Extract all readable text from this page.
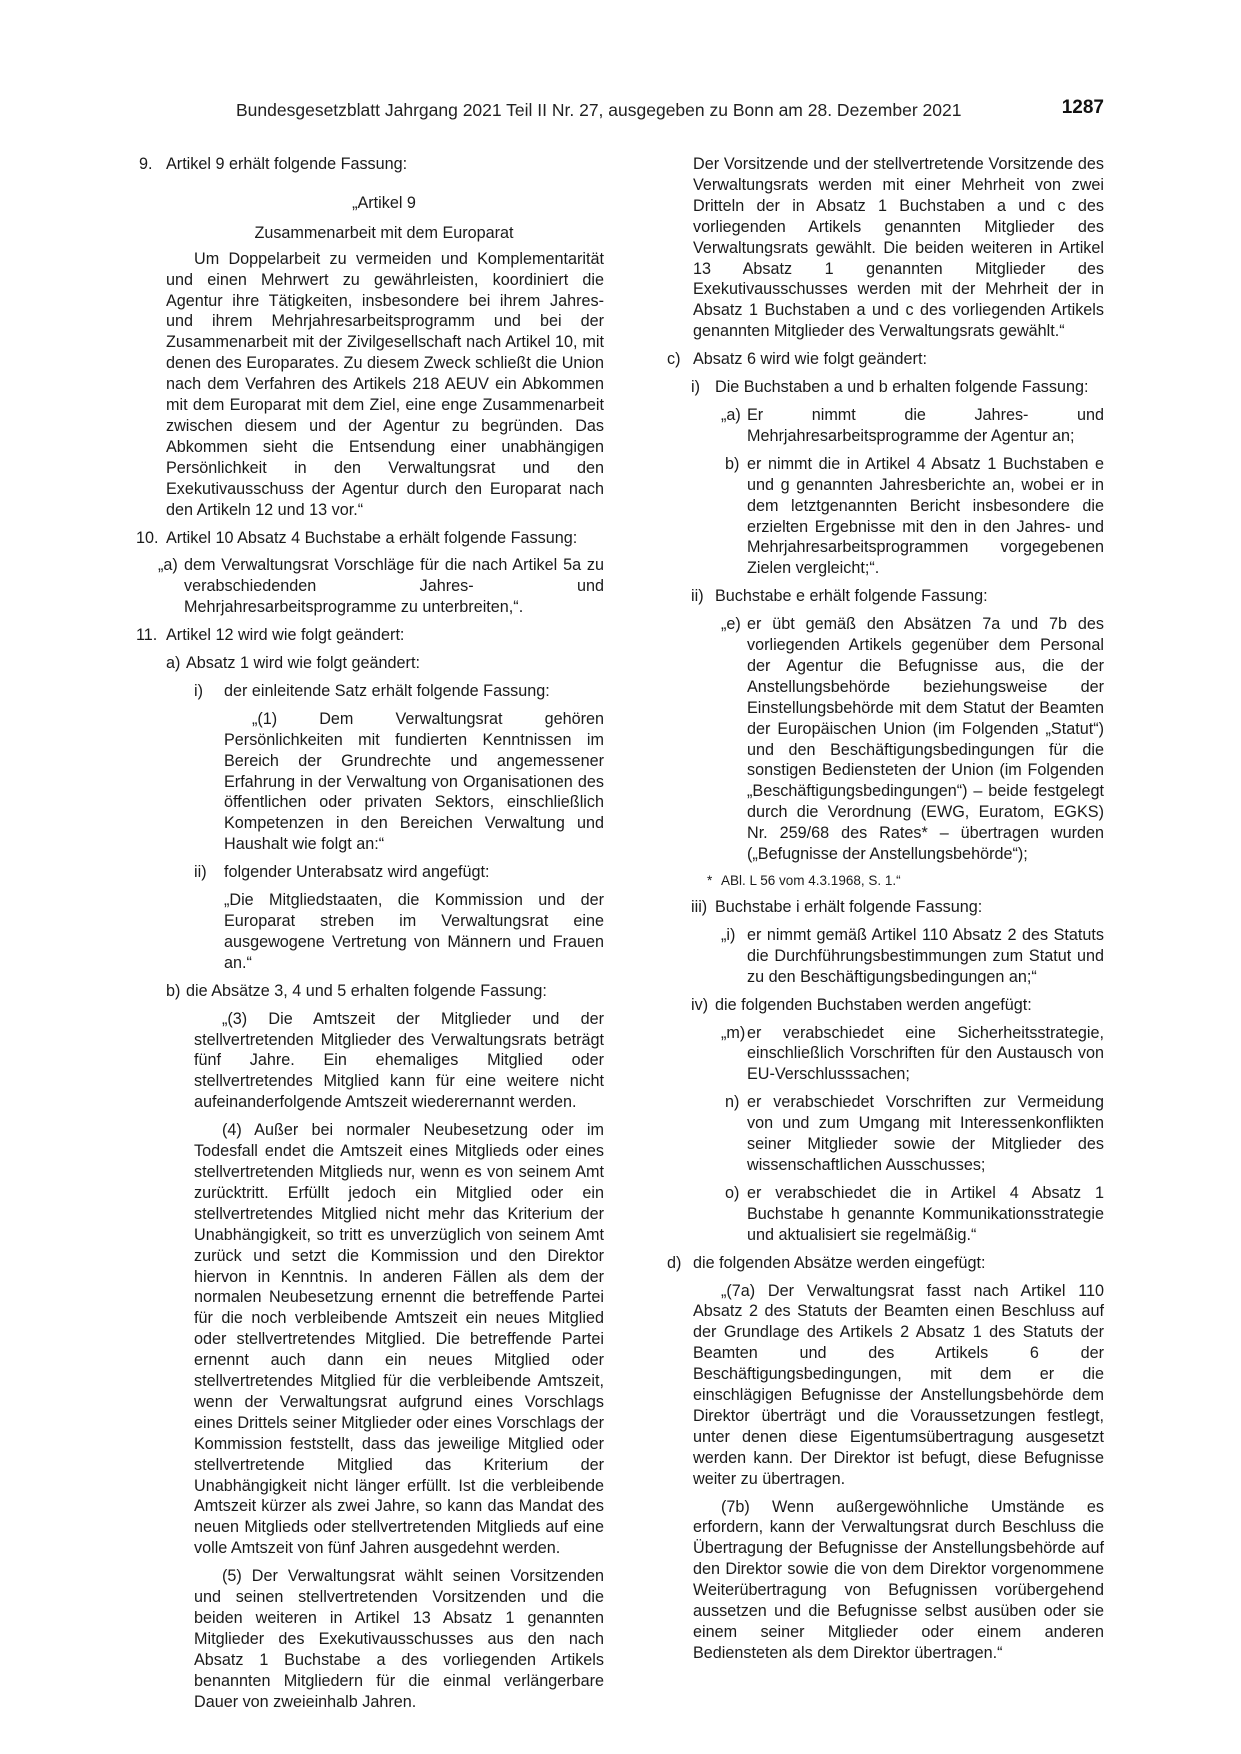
Bundesgesetzblatt Jahrgang 2021 Teil II Nr. 27, ausgegeben zu Bonn am 28. Dezember 2021	1287
9. Artikel 9 erhält folgende Fassung:

„Artikel 9

Zusammenarbeit mit dem Europarat

Um Doppelarbeit zu vermeiden und Komplementarität und einen Mehrwert zu gewährleisten, koordiniert die Agentur ihre Tätigkeiten, insbesondere bei ihrem Jahres- und ihrem Mehrjahresarbeitsprogramm und bei der Zusammenarbeit mit der Zivilgesellschaft nach Artikel 10, mit denen des Europarates. Zu diesem Zweck schließt die Union nach dem Verfahren des Artikels 218 AEUV ein Abkommen mit dem Europarat mit dem Ziel, eine enge Zusammenarbeit zwischen diesem und der Agentur zu begründen. Das Abkommen sieht die Entsendung einer unabhängigen Persönlichkeit in den Verwaltungsrat und den Exekutivausschuss der Agentur durch den Europarat nach den Artikeln 12 und 13 vor.“

10. Artikel 10 Absatz 4 Buchstabe a erhält folgende Fassung:

„a) dem Verwaltungsrat Vorschläge für die nach Artikel 5a zu verabschiedenden Jahres- und Mehrjahresarbeitsprogramme zu unterbreiten,“.

11. Artikel 12 wird wie folgt geändert:

a) Absatz 1 wird wie folgt geändert:

i) der einleitende Satz erhält folgende Fassung:

„(1) Dem Verwaltungsrat gehören Persönlichkeiten mit fundierten Kenntnissen im Bereich der Grundrechte und angemessener Erfahrung in der Verwaltung von Organisationen des öffentlichen oder privaten Sektors, einschließlich Kompetenzen in den Bereichen Verwaltung und Haushalt wie folgt an:“

ii) folgender Unterabsatz wird angefügt:

„Die Mitgliedstaaten, die Kommission und der Europarat streben im Verwaltungsrat eine ausgewogene Vertretung von Männern und Frauen an.“

b) die Absätze 3, 4 und 5 erhalten folgende Fassung:

„(3) Die Amtszeit der Mitglieder und der stellvertretenden Mitglieder des Verwaltungsrats beträgt fünf Jahre. Ein ehemaliges Mitglied oder stellvertretendes Mitglied kann für eine weitere nicht aufeinanderfolgende Amtszeit wiederernannt werden.

(4) Außer bei normaler Neubesetzung oder im Todesfall endet die Amtszeit eines Mitglieds oder eines stellvertretenden Mitglieds nur, wenn es von seinem Amt zurücktritt. Erfüllt jedoch ein Mitglied oder ein stellvertretendes Mitglied nicht mehr das Kriterium der Unabhängigkeit, so tritt es unverzüglich von seinem Amt zurück und setzt die Kommission und den Direktor hiervon in Kenntnis. In anderen Fällen als dem der normalen Neubesetzung ernennt die betreffende Partei für die noch verbleibende Amtszeit ein neues Mitglied oder stellvertretendes Mitglied. Die betreffende Partei ernennt auch dann ein neues Mitglied oder stellvertretendes Mitglied für die verbleibende Amtszeit, wenn der Verwaltungsrat aufgrund eines Vorschlags eines Drittels seiner Mitglieder oder eines Vorschlags der Kommission feststellt, dass das jeweilige Mitglied oder stellvertretende Mitglied das Kriterium der Unabhängigkeit nicht länger erfüllt. Ist die verbleibende Amtszeit kürzer als zwei Jahre, so kann das Mandat des neuen Mitglieds oder stellvertretenden Mitglieds auf eine volle Amtszeit von fünf Jahren ausgedehnt werden.

(5) Der Verwaltungsrat wählt seinen Vorsitzenden und seinen stellvertretenden Vorsitzenden und die beiden weiteren in Artikel 13 Absatz 1 genannten Mitglieder des Exekutivausschusses aus den nach Absatz 1 Buchstabe a des vorliegenden Artikels benannten Mitgliedern für die einmal verlängerbare Dauer von zweieinhalb Jahren.

Der Vorsitzende und der stellvertretende Vorsitzende des Verwaltungsrats werden mit einer Mehrheit von zwei Dritteln der in Absatz 1 Buchstaben a und c des vorliegenden Artikels genannten Mitglieder des Verwaltungsrats gewählt. Die beiden weiteren in Artikel 13 Absatz 1 genannten Mitglieder des Exekutivausschusses werden mit der Mehrheit der in Absatz 1 Buchstaben a und c des vorliegenden Artikels genannten Mitglieder des Verwaltungsrats gewählt.“

c) Absatz 6 wird wie folgt geändert:

i) Die Buchstaben a und b erhalten folgende Fassung:

„a) Er nimmt die Jahres- und Mehrjahresarbeitsprogramme der Agentur an;

b) er nimmt die in Artikel 4 Absatz 1 Buchstaben e und g genannten Jahresberichte an, wobei er in dem letztgenannten Bericht insbesondere die erzielten Ergebnisse mit den in den Jahres- und Mehrjahresarbeitsprogrammen vorgegebenen Zielen vergleicht;“.

ii) Buchstabe e erhält folgende Fassung:

„e) er übt gemäß den Absätzen 7a und 7b des vorliegenden Artikels gegenüber dem Personal der Agentur die Befugnisse aus, die der Anstellungsbehörde beziehungsweise der Einstellungsbehörde mit dem Statut der Beamten der Europäischen Union (im Folgenden „Statut“) und den Beschäftigungsbedingungen für die sonstigen Bediensteten der Union (im Folgenden „Beschäftigungsbedingungen“) – beide festgelegt durch die Verordnung (EWG, Euratom, EGKS) Nr. 259/68 des Rates* – übertragen wurden („Befugnisse der Anstellungsbehörde“);

* ABl. L 56 vom 4.3.1968, S. 1.“

iii) Buchstabe i erhält folgende Fassung:

„i) er nimmt gemäß Artikel 110 Absatz 2 des Statuts die Durchführungsbestimmungen zum Statut und zu den Beschäftigungsbedingungen an;“

iv) die folgenden Buchstaben werden angefügt:

„m) er verabschiedet eine Sicherheitsstrategie, einschließlich Vorschriften für den Austausch von EU-Verschlusssachen;

n) er verabschiedet Vorschriften zur Vermeidung von und zum Umgang mit Interessenkonflikten seiner Mitglieder sowie der Mitglieder des wissenschaftlichen Ausschusses;

o) er verabschiedet die in Artikel 4 Absatz 1 Buchstabe h genannte Kommunikationsstrategie und aktualisiert sie regelmäßig.“

d) die folgenden Absätze werden eingefügt:

„(7a) Der Verwaltungsrat fasst nach Artikel 110 Absatz 2 des Statuts der Beamten einen Beschluss auf der Grundlage des Artikels 2 Absatz 1 des Statuts der Beamten und des Artikels 6 der Beschäftigungsbedingungen, mit dem er die einschlägigen Befugnisse der Anstellungsbehörde dem Direktor überträgt und die Voraussetzungen festlegt, unter denen diese Eigentumsübertragung ausgesetzt werden kann. Der Direktor ist befugt, diese Befugnisse weiter zu übertragen.

(7b) Wenn außergewöhnliche Umstände es erfordern, kann der Verwaltungsrat durch Beschluss die Übertragung der Befugnisse der Anstellungsbehörde auf den Direktor sowie die von dem Direktor vorgenommene Weiterübertragung von Befugnissen vorübergehend aussetzen und die Befugnisse selbst ausüben oder sie einem seiner Mitglieder oder einem anderen Bediensteten als dem Direktor übertragen.“
